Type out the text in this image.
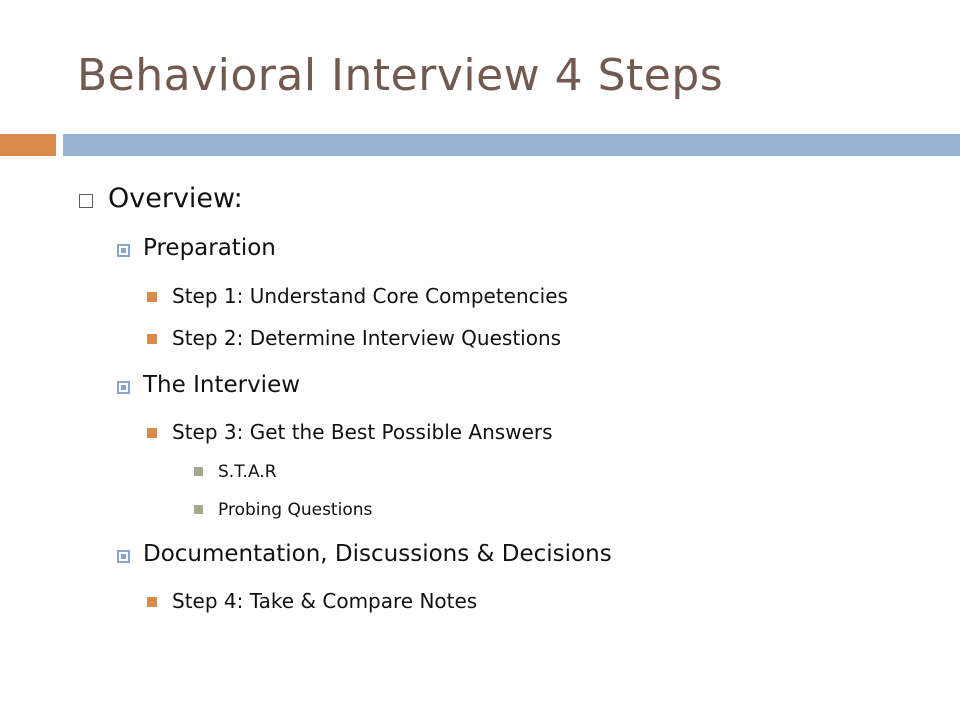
Behavioral Interview 4 Steps
Overview:
Preparation
Step 1: Understand Core Competencies
Step 2: Determine Interview Questions
The Interview
Step 3: Get the Best Possible Answers
S.T.A.R
Probing Questions
Documentation, Discussions & Decisions
Step 4: Take & Compare Notes
